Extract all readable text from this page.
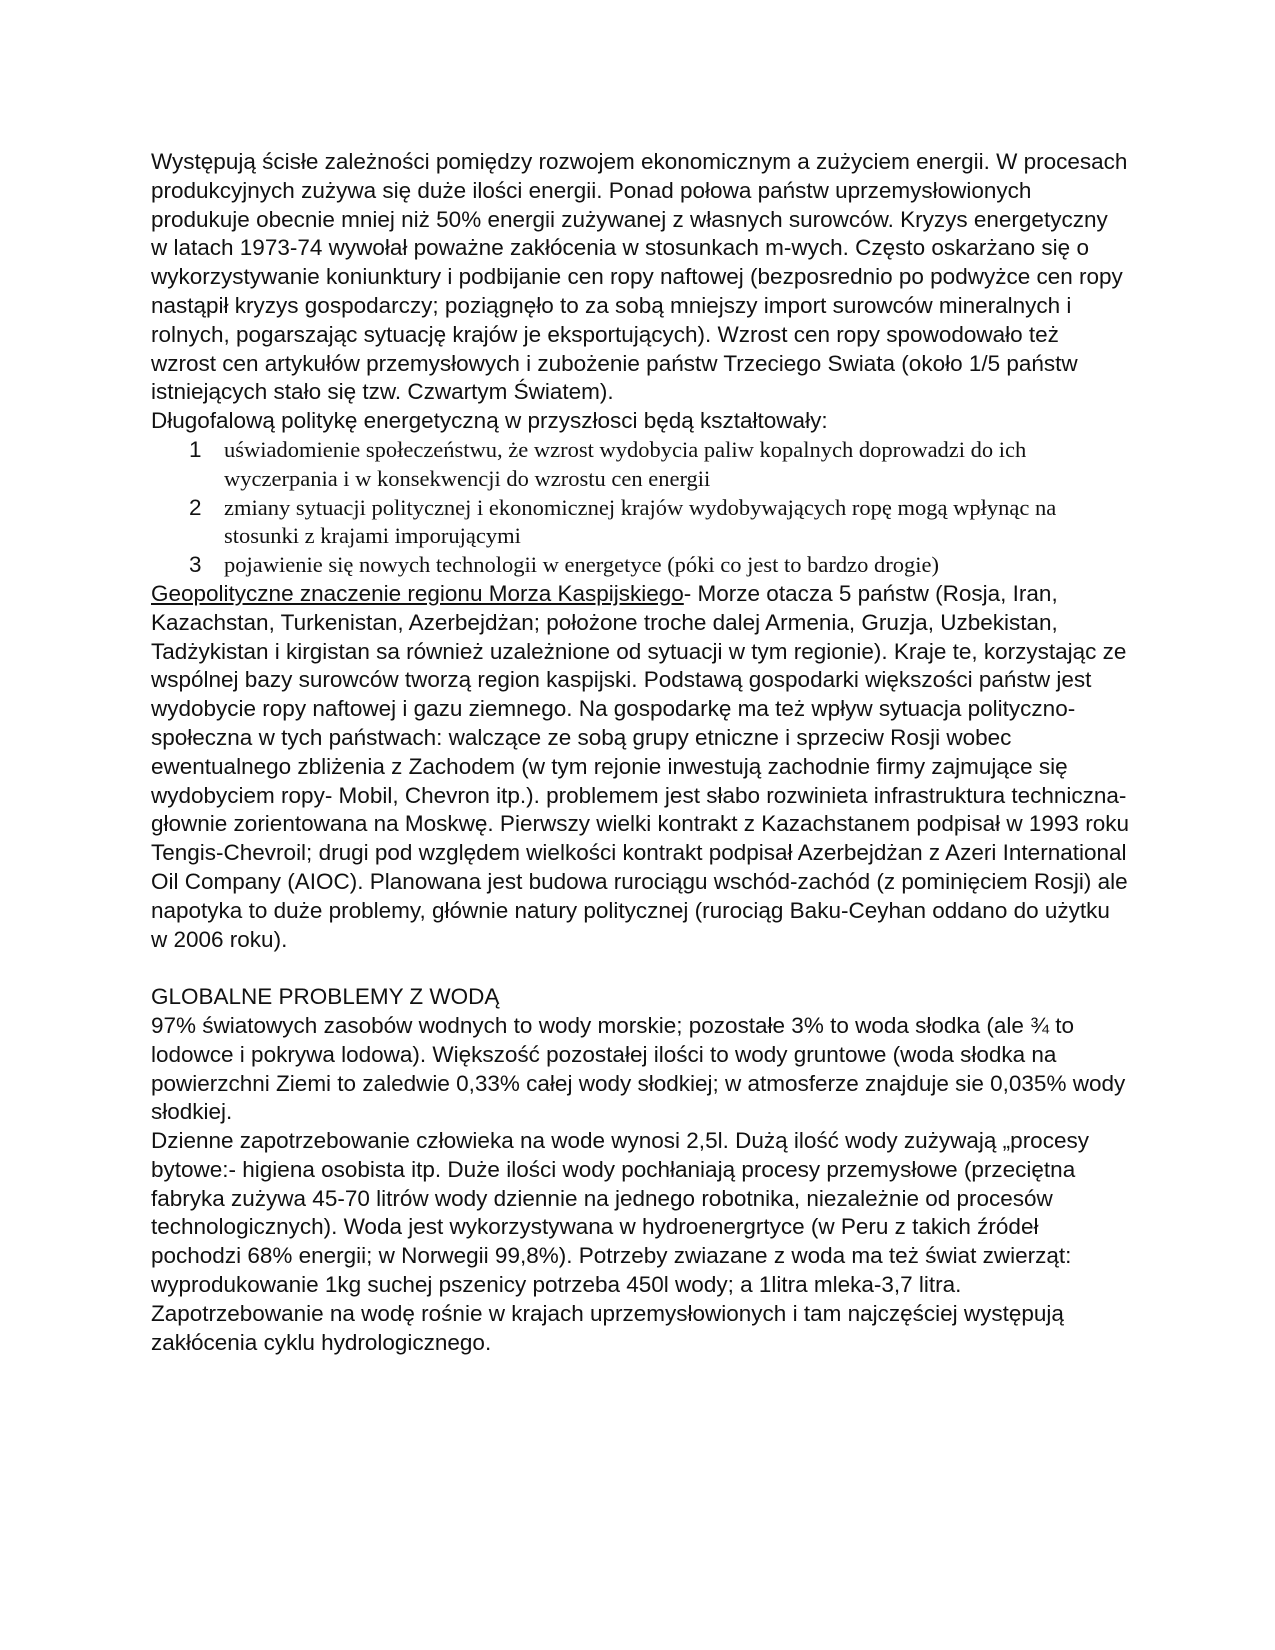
Występują ścisłe zależności pomiędzy rozwojem ekonomicznym a zużyciem energii. W procesach produkcyjnych zużywa się duże ilości energii. Ponad połowa państw uprzemysłowionych produkuje obecnie mniej niż 50% energii zużywanej z własnych surowców. Kryzys energetyczny w latach 1973-74 wywołał poważne zakłócenia w stosunkach m-wych. Często oskarżano się o wykorzystywanie koniunktury i podbijanie cen ropy naftowej (bezposrednio po podwyżce cen ropy nastąpił kryzys gospodarczy; poziągnęło to za sobą mniejszy import surowców mineralnych i rolnych, pogarszając sytuację krajów je eksportujących). Wzrost cen ropy spowodowało też wzrost cen artykułów przemysłowych i zubożenie państw Trzeciego Swiata (około 1/5 państw istniejących stało się tzw. Czwartym Światem).

Długofalową politykę energetyczną w przyszłosci będą kształtowały:

1 uświadomienie społeczeństwu, że wzrost wydobycia paliw kopalnych doprowadzi do ich wyczerpania i w konsekwencji do wzrostu cen energii
2 zmiany sytuacji politycznej i ekonomicznej krajów wydobywających ropę mogą wpłynąc na stosunki z krajami imporującymi
3 pojawienie się nowych technologii w energetyce (póki co jest to bardzo drogie)

Geopolityczne znaczenie regionu Morza Kaspijskiego- Morze otacza 5 państw (Rosja, Iran, Kazachstan, Turkenistan, Azerbejdżan; położone troche dalej Armenia, Gruzja, Uzbekistan, Tadżykistan i kirgistan sa również uzależnione od sytuacji w tym regionie). Kraje te, korzystając ze wspólnej bazy surowców tworzą region kaspijski. Podstawą gospodarki większości państw jest wydobycie ropy naftowej i gazu ziemnego. Na gospodarkę ma też wpływ sytuacja polityczno-społeczna w tych państwach: walczące ze sobą grupy etniczne i sprzeciw Rosji wobec ewentualnego zbliżenia z Zachodem (w tym rejonie inwestują zachodnie firmy zajmujące się wydobyciem ropy- Mobil, Chevron itp.). problemem jest słabo rozwinieta infrastruktura techniczna- głownie zorientowana na Moskwę. Pierwszy wielki kontrakt z Kazachstanem podpisał w 1993 roku Tengis-Chevroil; drugi pod względem wielkości kontrakt podpisał Azerbejdżan z Azeri International Oil Company (AIOC). Planowana jest budowa rurociągu wschód-zachód (z pominięciem Rosji) ale napotyka to duże problemy, głównie natury politycznej (rurociąg Baku-Ceyhan oddano do użytku w 2006 roku).

GLOBALNE PROBLEMY Z WODĄ

97% światowych zasobów wodnych to wody morskie; pozostałe 3% to woda słodka (ale ¾ to lodowce i pokrywa lodowa). Większość pozostałej ilości to wody gruntowe (woda słodka na powierzchni Ziemi to zaledwie 0,33% całej wody słodkiej; w atmosferze znajduje sie 0,035% wody słodkiej.

Dzienne zapotrzebowanie człowieka na wode wynosi 2,5l. Dużą ilość wody zużywają „procesy bytowe:- higiena osobista itp. Duże ilości wody pochłaniają procesy przemysłowe (przeciętna fabryka zużywa 45-70 litrów wody dziennie na jednego robotnika, niezależnie od procesów technologicznych). Woda jest wykorzystywana w hydroenergrtyce (w Peru z takich źródeł pochodzi 68% energii; w Norwegii 99,8%). Potrzeby zwiazane z woda ma też świat zwierząt: wyprodukowanie 1kg suchej pszenicy potrzeba 450l wody; a 1litra mleka-3,7 litra.

Zapotrzebowanie na wodę rośnie w krajach uprzemysłowionych i tam najczęściej występują zakłócenia cyklu hydrologicznego.
